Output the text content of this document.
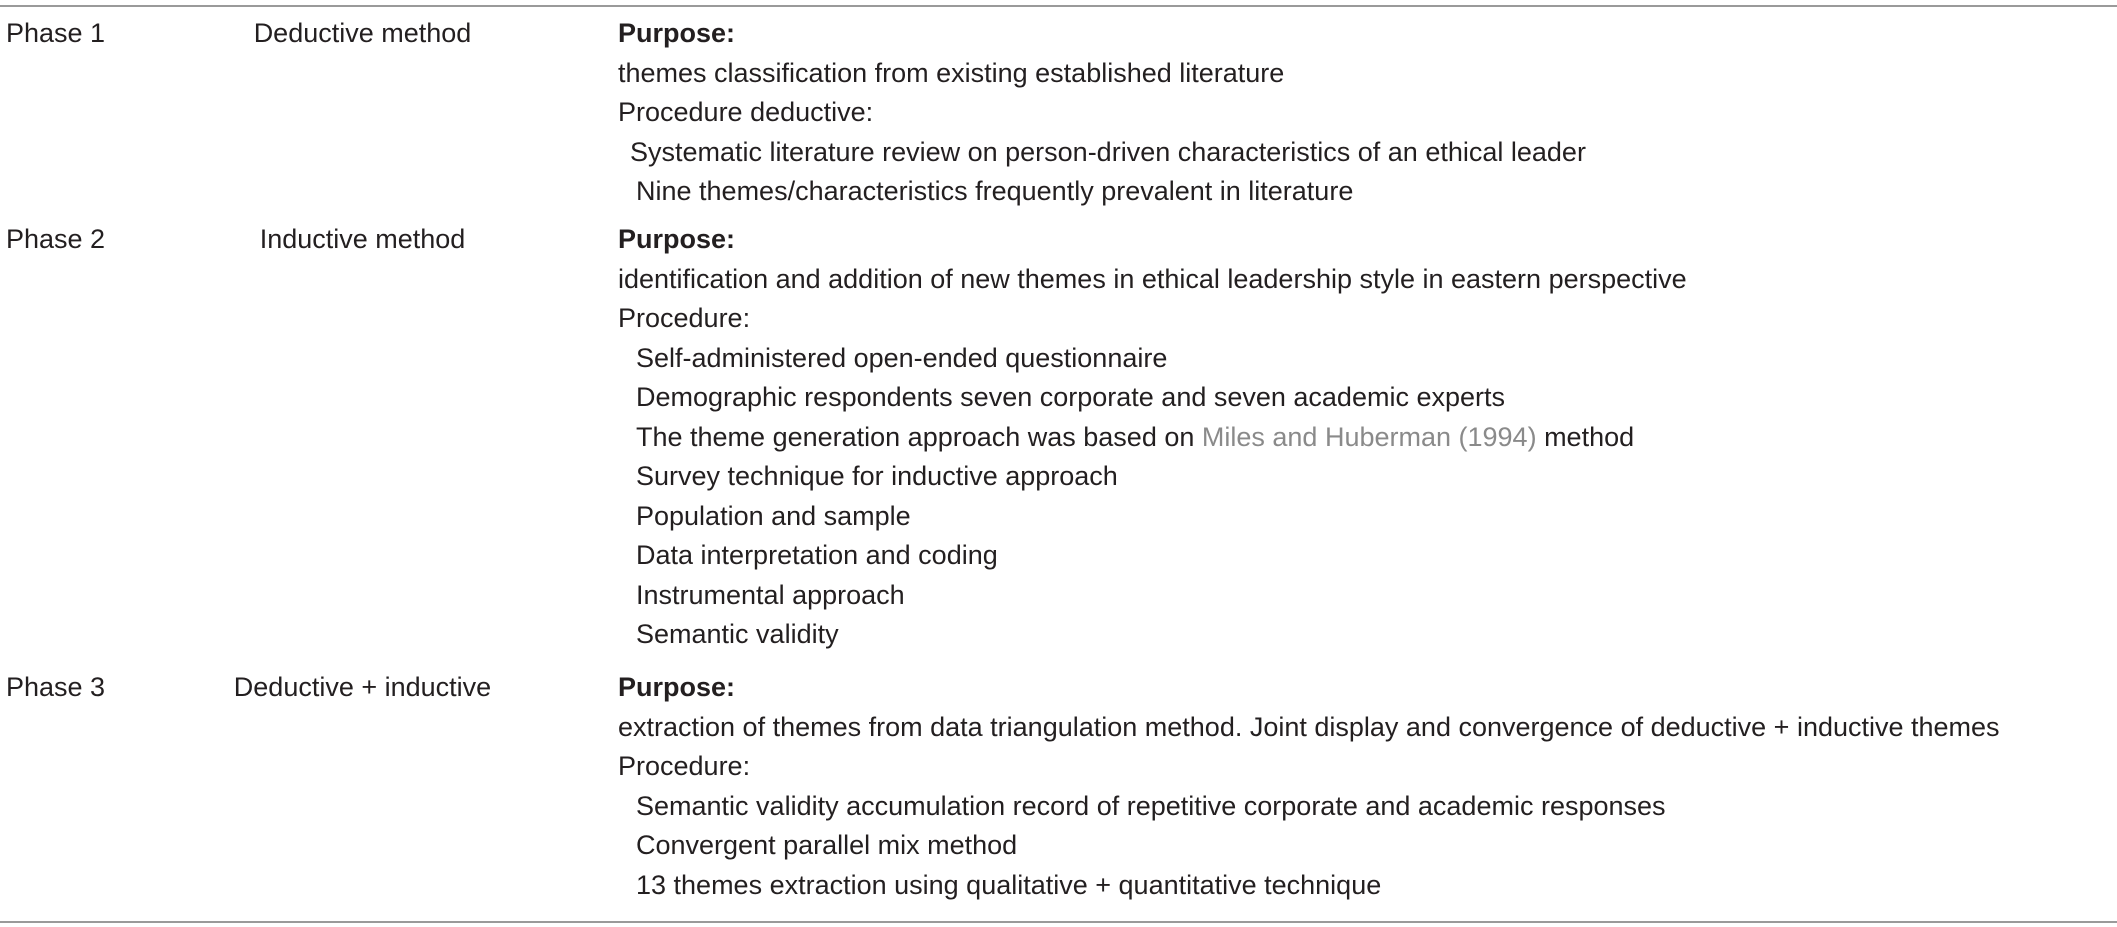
Phase 1	Deductive method	Purpose:
themes classification from existing established literature
Procedure deductive:
Systematic literature review on person-driven characteristics of an ethical leader
Nine themes/characteristics frequently prevalent in literature
Phase 2	Inductive method	Purpose:
identification and addition of new themes in ethical leadership style in eastern perspective
Procedure:
Self-administered open-ended questionnaire
Demographic respondents seven corporate and seven academic experts
The theme generation approach was based on Miles and Huberman (1994) method
Survey technique for inductive approach
Population and sample
Data interpretation and coding
Instrumental approach
Semantic validity
Phase 3	Deductive + inductive	Purpose:
extraction of themes from data triangulation method. Joint display and convergence of deductive + inductive themes
Procedure:
Semantic validity accumulation record of repetitive corporate and academic responses
Convergent parallel mix method
13 themes extraction using qualitative + quantitative technique
